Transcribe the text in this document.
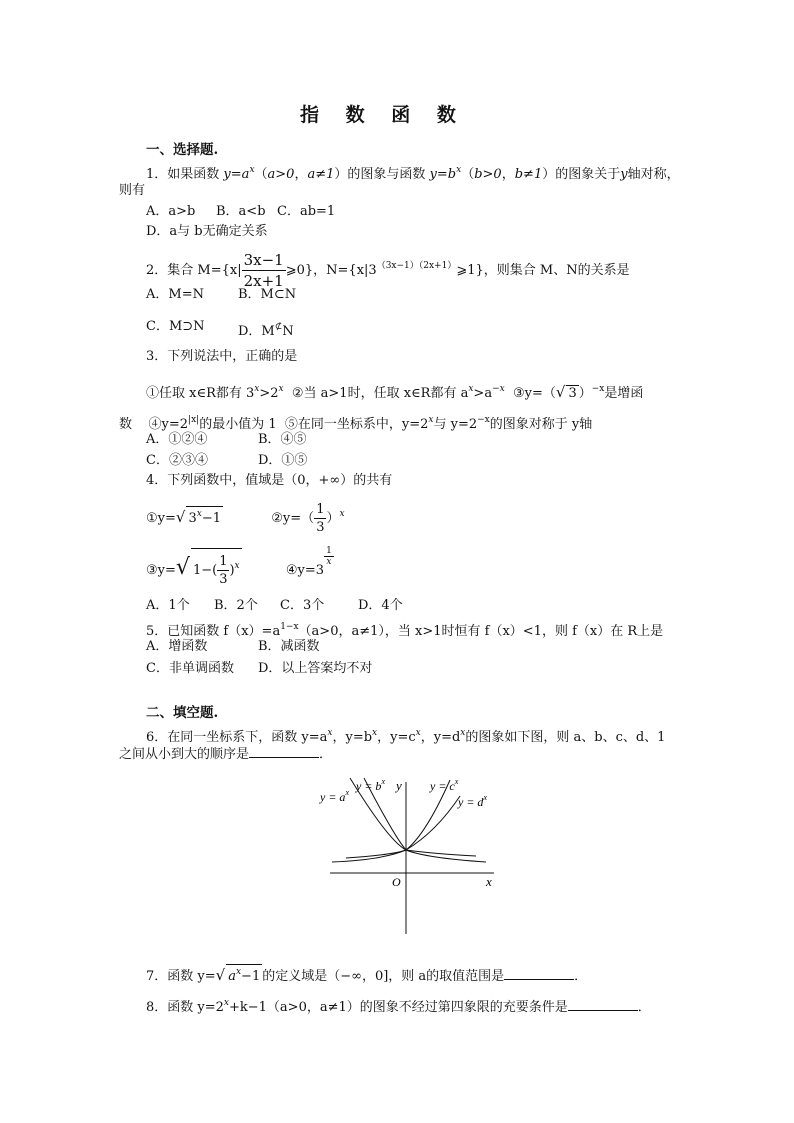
指 数 函 数
一、选择题.
1．如果函数 $y=a^x(a>0$，a≠1）的图象与函数 $y=b^x(b>0$，b≠1）的图象关于y轴对称，
则有
A．a>b B．a<b C．ab=1
D．a与 b无确定关系
2．集合 $M=\{x| \frac{3x-1}{2x+1}$ ⩾0}，$N=\{x|3^{(3x-1)(2x+1)}⩾1\}$，则集合 M、N的关系是
A．M=N	B．M⊂N
C．M⊃N	D．M⊄N
3．下列说法中，正确的是
①任取 x∈R都有 $3^x>2^x$ ②当 a>1时，任取 x∈R都有 $a^x>a^{-x}$ ③y=（√ 3 ）$^{-x}$是增函
数 $④y=2^{|x|}$的最小值为 1 ⑤在同一坐标系中，$y=2^x$与 $y=2^{-x}$的图象对称于 y轴
A．①②④	B．④⑤
C．②③④	D．①⑤
4．下列函数中，值域是（0，+∞）的共有
①y=√ $3^x-1$	②y=（ $\frac{1}{3} )^x$
③y=√ $1-( \frac{1}{3} )^x$	④y=3
$\frac{1}{x}$
A．1个 B．2个 C．3个	D．4个
5．已知函数 $f(x)=a^{1-x}(a>0$，a≠1），当 x>1时恒有 f（x）<1，则 f（x）在 R上是
A．增函数	B．减函数
C．非单调函数 D．以上答案均不对
二、填空题.
6．在同一坐标系下，函数 $y=a^x$，$y=b^x$，$y=c^x$，$y=d^x$的图象如下图，则 a、b、c、d、1
之间从小到大的顺序是	．
$y = a^x$ $y = b^x$	$y = c^x$
$y = d^x$
y
x
O
7．函数 y=√ $a^x-1$ 的定义域是（−∞，0]，则 a的取值范围是	．
8．函数 $y=2^x+k-1(a>0$，a≠1）的图象不经过第四象限的充要条件是	．
